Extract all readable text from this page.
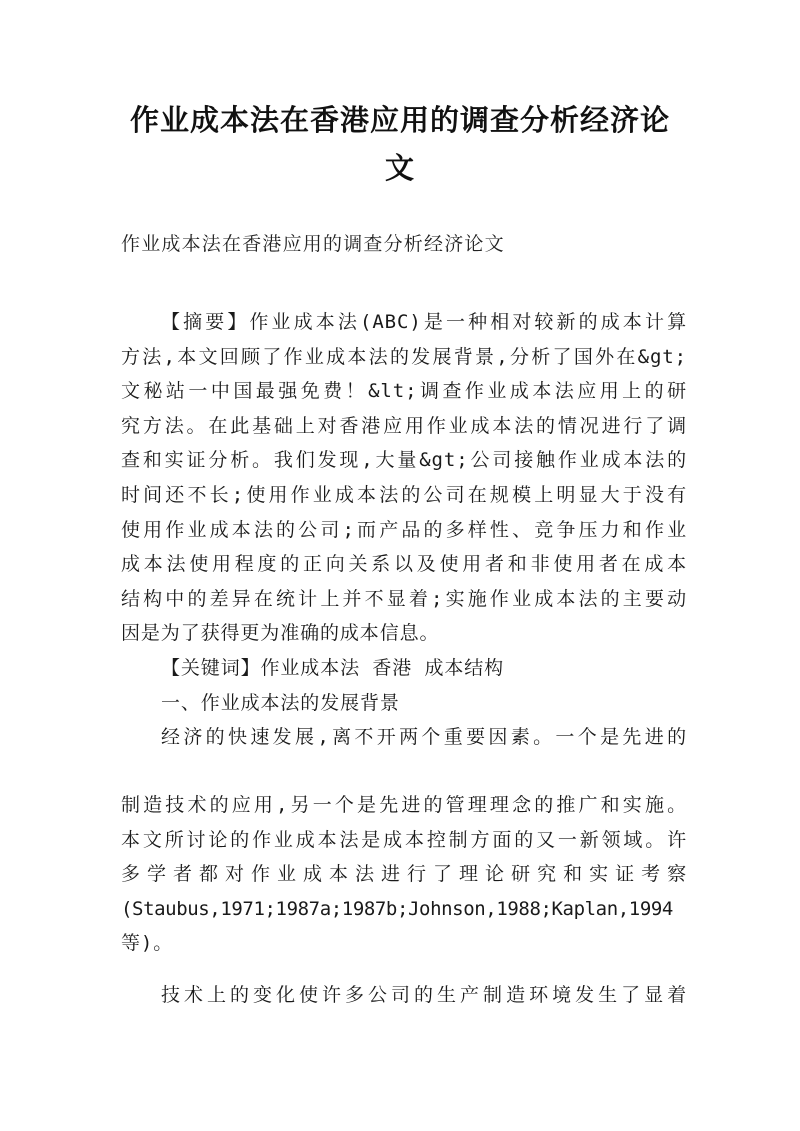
作业成本法在香港应用的调查分析经济论
文
作业成本法在香港应用的调查分析经济论文
【摘要】作业成本法(ABC)是一种相对较新的成本计算
方法,本文回顾了作业成本法的发展背景,分析了国外在&gt;
文秘站一中国最强免费！&lt;调查作业成本法应用上的研
究方法。在此基础上对香港应用作业成本法的情况进行了调
查和实证分析。我们发现,大量&gt;公司接触作业成本法的
时间还不长;使用作业成本法的公司在规模上明显大于没有
使用作业成本法的公司;而产品的多样性、竞争压力和作业
成本法使用程度的正向关系以及使用者和非使用者在成本
结构中的差异在统计上并不显着;实施作业成本法的主要动
因是为了获得更为准确的成本信息。
【关键词】作业成本法 香港 成本结构
一、作业成本法的发展背景
经济的快速发展,离不开两个重要因素。一个是先进的
制造技术的应用,另一个是先进的管理理念的推广和实施。
本文所讨论的作业成本法是成本控制方面的又一新领域。许
多学者都对作业成本法进行了理论研究和实证考察
(Staubus,1971;1987a;1987b;Johnson,1988;Kaplan,1994
等)。
技术上的变化使许多公司的生产制造环境发生了显着
